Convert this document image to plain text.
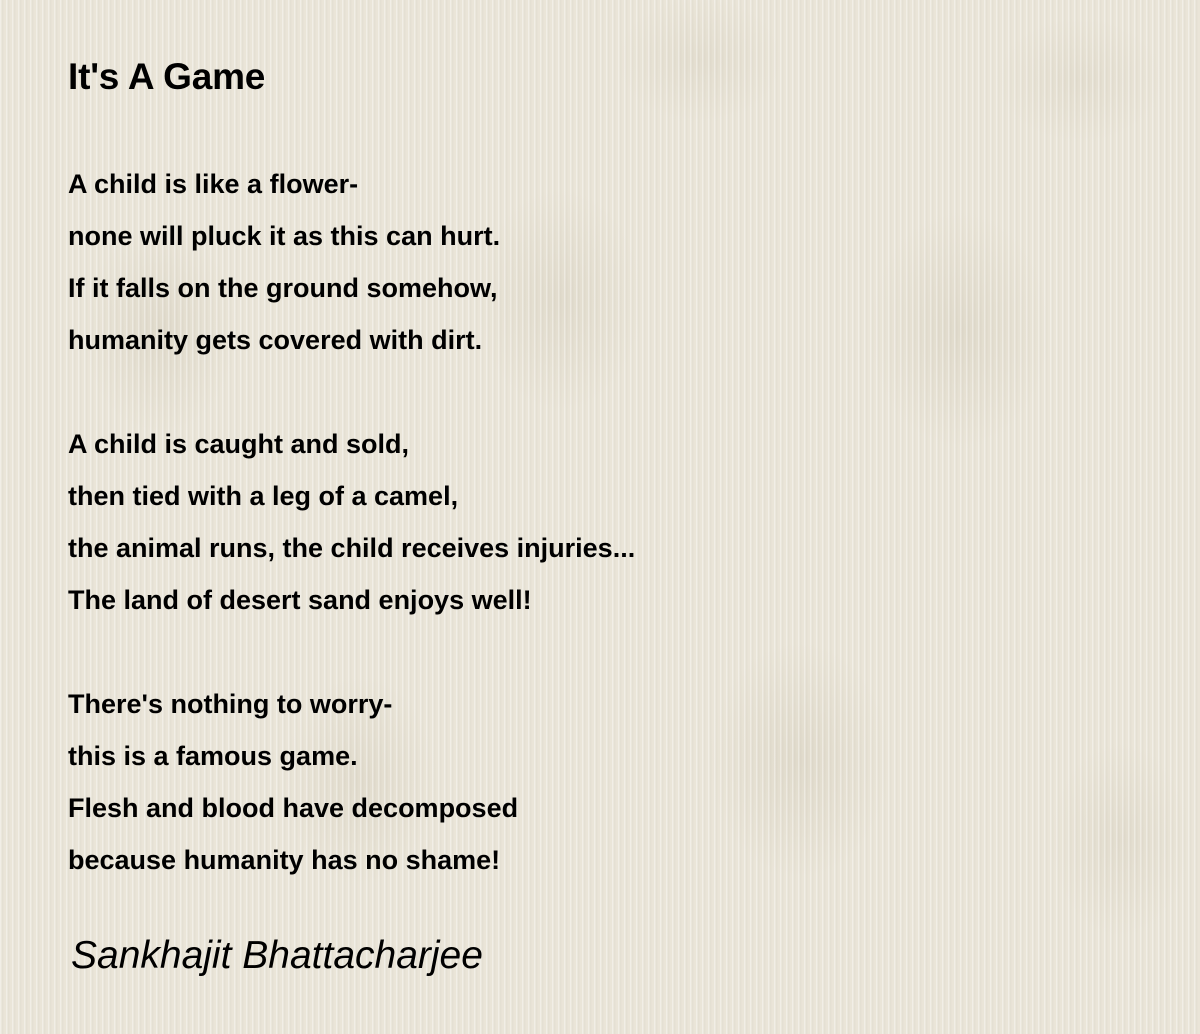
It's A Game
A child is like a flower-
none will pluck it as this can hurt.
If it falls on the ground somehow,
humanity gets covered with dirt.
A child is caught and sold,
then tied with a leg of a camel,
the animal runs, the child receives injuries...
The land of desert sand enjoys well!
There's nothing to worry-
this is a famous game.
Flesh and blood have decomposed
because humanity has no shame!
Sankhajit Bhattacharjee
